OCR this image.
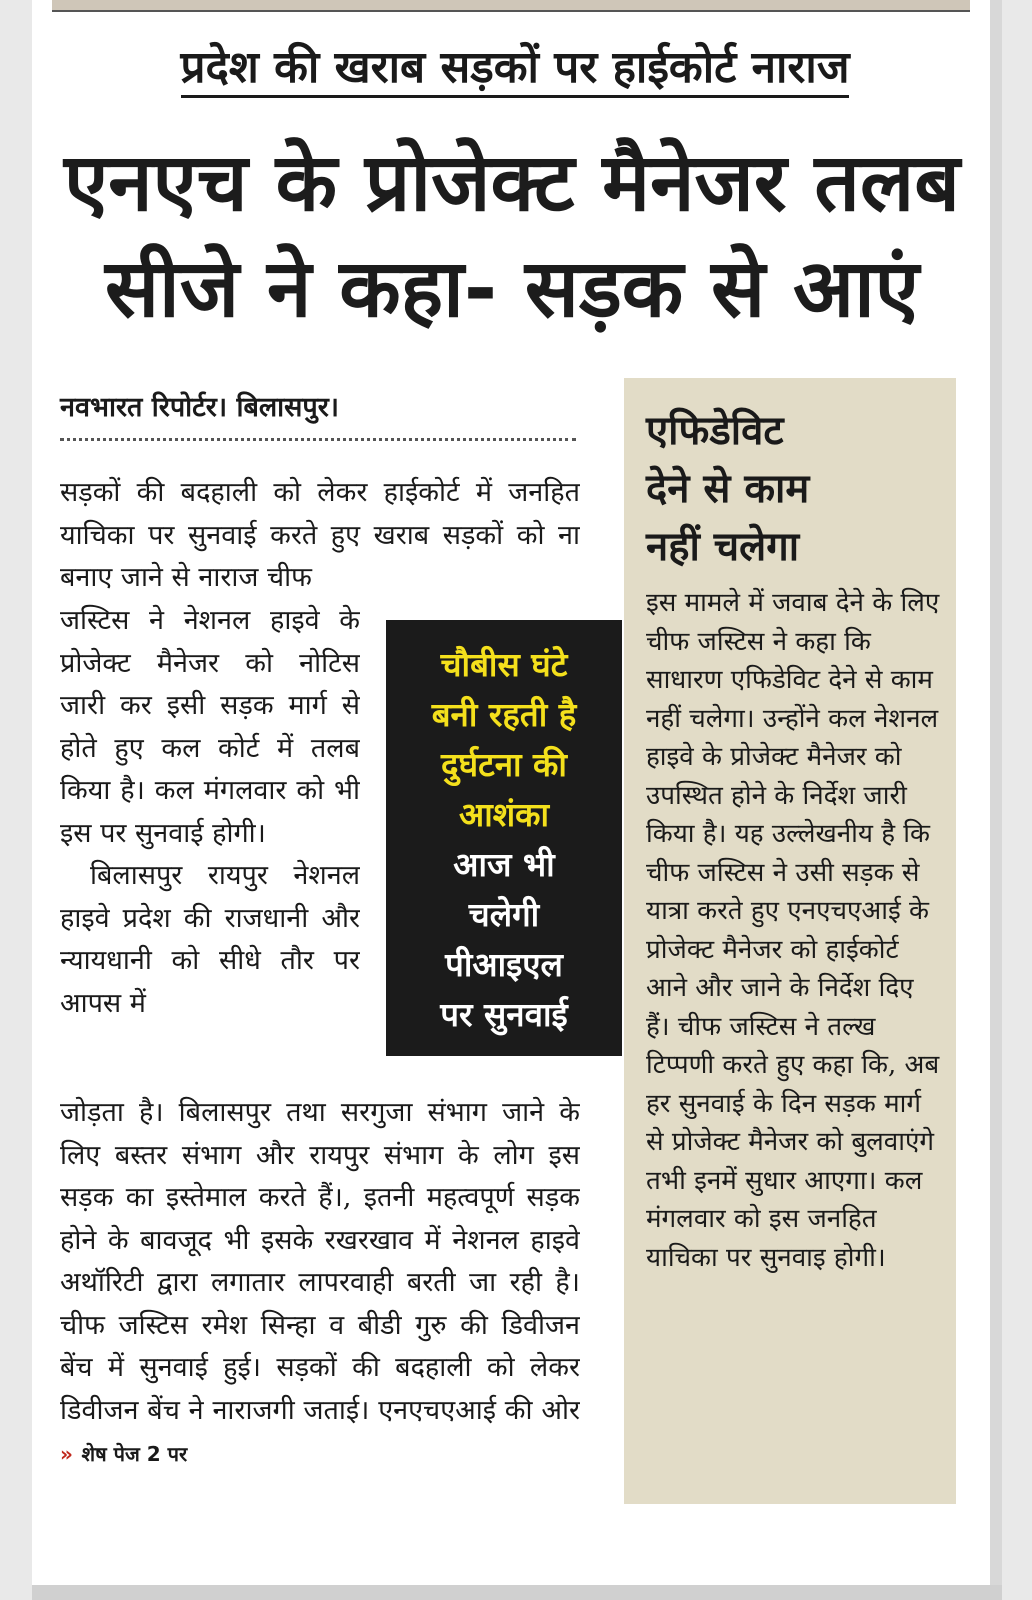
प्रदेश की खराब सड़कों पर हाईकोर्ट नाराज
एनएच के प्रोजेक्ट मैनेजर तलब
सीजे ने कहा- सड़क से आएं
नवभारत रिपोर्टर। बिलासपुर।

सड़कों की बदहाली को लेकर हाईकोर्ट में जनहित याचिका पर सुनवाई करते हुए खराब सड़कों को ना बनाए जाने से नाराज चीफ

जस्टिस ने नेशनल हाइवे के प्रोजेक्ट मैनेजर को नोटिस जारी कर इसी सड़क मार्ग से होते हुए कल कोर्ट में तलब किया है। कल मंगलवार को भी इस पर सुनवाई होगी।

बिलासपुर रायपुर नेशनल हाइवे प्रदेश की राजधानी और न्यायधानी को सीधे तौर पर आपस में

जोड़ता है। बिलासपुर तथा सरगुजा संभाग जाने के लिए बस्तर संभाग और रायपुर संभाग के लोग इस सड़क का इस्तेमाल करते हैं।, इतनी महत्वपूर्ण सड़क होने के बावजूद भी इसके रखरखाव में नेशनल हाइवे अथॉरिटी द्वारा लगातार लापरवाही बरती जा रही है। चीफ जस्टिस रमेश सिन्हा व बीडी गुरु की डिवीजन बेंच में सुनवाई हुई। सड़कों की बदहाली को लेकर डिवीजन बेंच ने नाराजगी जताई। एनएचएआई की ओर » शेष पेज 2 पर

चौबीस घंटे
बनी रहती है
दुर्घटना की
आशंका
आज भी
चलेगी
पीआइएल
पर सुनवाई
एफिडेविट
देने से काम
नहीं चलेगा

इस मामले में जवाब देने के लिए चीफ जस्टिस ने कहा कि साधारण एफिडेविट देने से काम नहीं चलेगा। उन्होंने कल नेशनल हाइवे के प्रोजेक्ट मैनेजर को उपस्थित होने के निर्देश जारी किया है। यह उल्लेखनीय है कि चीफ जस्टिस ने उसी सड़क से यात्रा करते हुए एनएचएआई के प्रोजेक्ट मैनेजर को हाईकोर्ट आने और जाने के निर्देश दिए हैं। चीफ जस्टिस ने तल्ख टिप्पणी करते हुए कहा कि, अब हर सुनवाई के दिन सड़क मार्ग से प्रोजेक्ट मैनेजर को बुलवाएंगे तभी इनमें सुधार आएगा। कल मंगलवार को इस जनहित याचिका पर सुनवाइ होगी।
